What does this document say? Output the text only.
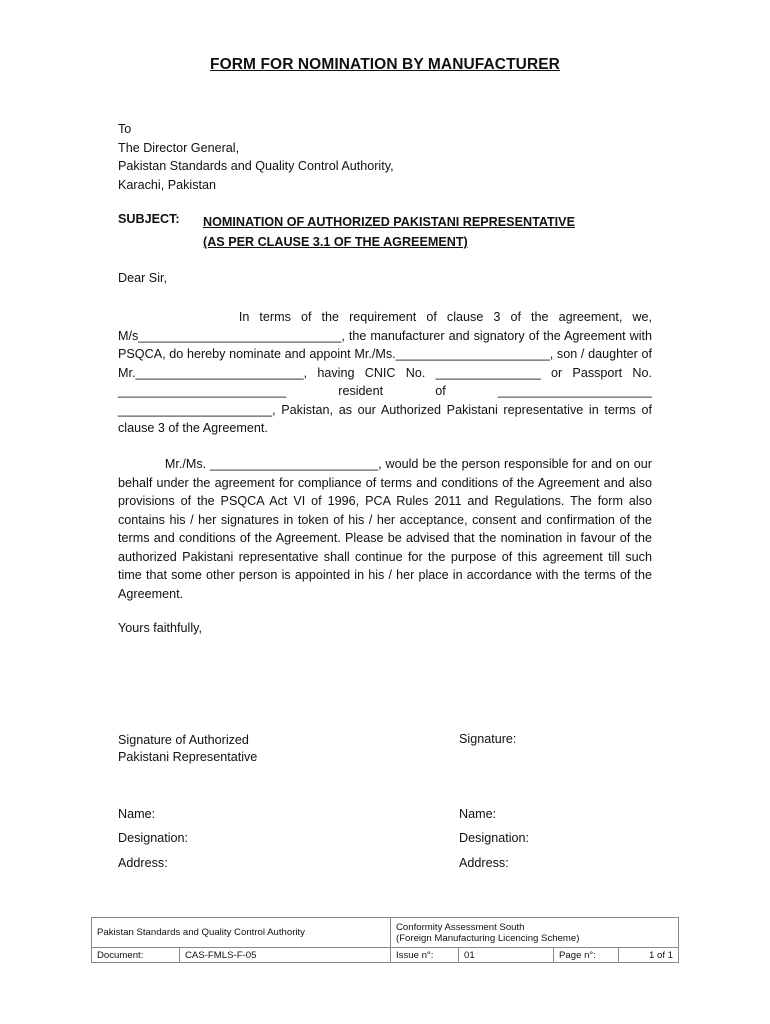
FORM FOR NOMINATION BY MANUFACTURER
To
The Director General,
Pakistan Standards and Quality Control Authority,
Karachi, Pakistan
SUBJECT: NOMINATION OF AUTHORIZED PAKISTANI REPRESENTATIVE
(AS PER CLAUSE 3.1 OF THE AGREEMENT)
Dear Sir,
In terms of the requirement of clause 3 of the agreement, we, M/s_____________________________, the manufacturer and signatory of the Agreement with PSQCA, do hereby nominate and appoint Mr./Ms.______________________, son / daughter of Mr.________________________, having CNIC No. _______________ or Passport No. ________________________ resident of ______________________ ______________________, Pakistan, as our Authorized Pakistani representative in terms of clause 3 of the Agreement.
Mr./Ms. ________________________, would be the person responsible for and on our behalf under the agreement for compliance of terms and conditions of the Agreement and also provisions of the PSQCA Act VI of 1996, PCA Rules 2011 and Regulations. The form also contains his / her signatures in token of his / her acceptance, consent and confirmation of the terms and conditions of the Agreement. Please be advised that the nomination in favour of the authorized Pakistani representative shall continue for the purpose of this agreement till such time that some other person is appointed in his / her place in accordance with the terms of the Agreement.
Yours faithfully,
Signature of Authorized
Pakistani Representative
Signature:
Name:	Name:
Designation:	Designation:
Address:	Address:
Pakistan Standards and Quality Control Authority		Conformity Assessment South
(Foreign Manufacturing Licencing Scheme)			

Document:	CAS-FMLS-F-05	Issue n°:	01	Page n°:	1 of 1
